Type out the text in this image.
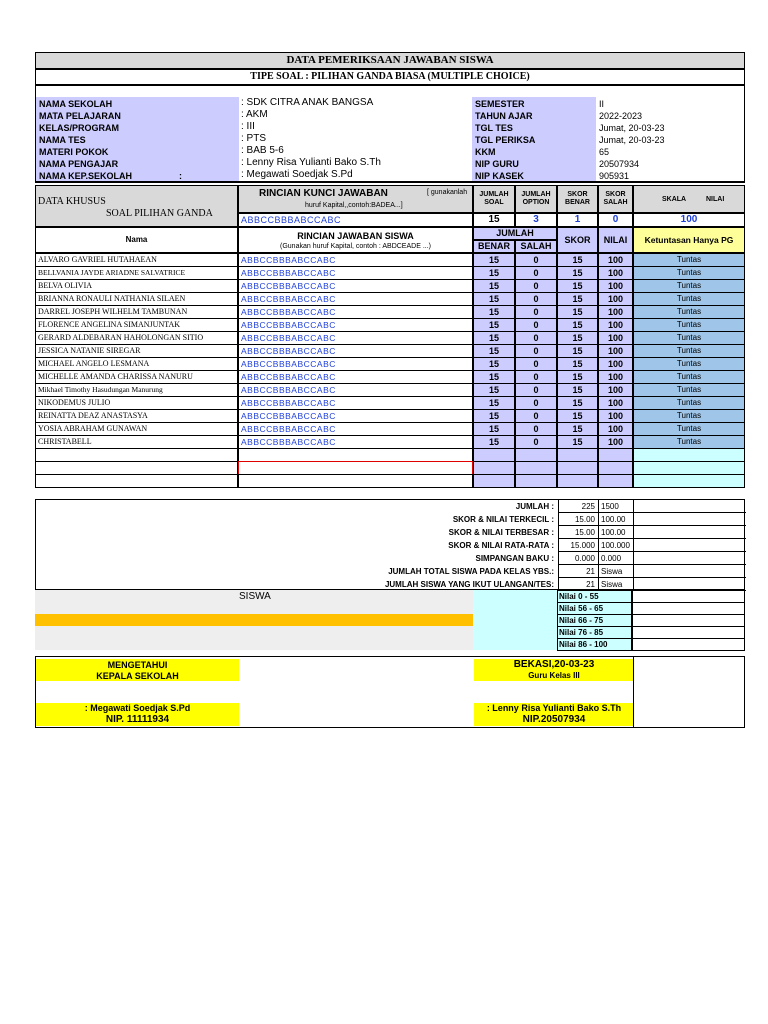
DATA PEMERIKSAAN JAWABAN SISWA
TIPE SOAL : PILIHAN GANDA BIASA (MULTIPLE CHOICE)
NAMA SEKOLAH	: SDK CITRA ANAK BANGSA
MATA PELAJARAN	: AKM
KELAS/PROGRAM	: III
NAMA TES	: PTS
MATERI POKOK	: BAB 5-6
NAMA PENGAJAR	: Lenny Risa Yulianti Bako S.Th
NAMA KEP.SEKOLAH	:	: Megawati Soedjak S.Pd
SEMESTER	II
TAHUN AJAR	2022-2023
TGL TES	Jumat, 20-03-23
TGL PERIKSA	Jumat, 20-03-23
KKM	65
NIP GURU	20507934
NIP KASEK	905931
DATA KHUSUS
SOAL PILIHAN GANDA
RINCIAN KUNCI JAWABAN	[ gunakanlah
huruf Kapital,,contoh:BADEA...]
ABBCCBBBABCCABC
JUMLAH SOAL
JUMLAH OPTION
SKOR BENAR
SKOR SALAH	SKALA	NILAI
15	3	1	0	100
Nama	RINCIAN JAWABAN SISWA
(Gunakan huruf Kapital, contoh : ABDCEADE ...)
JUMLAH
BENAR	SALAH
SKOR	NILAI	Ketuntasan Hanya PG
ALVARO GAVRIEL HUTAHAEAN	ABBCCBBBABCCABC	15	0	15	100	Tuntas
BELLVANIA JAYDE ARIADNE SALVATRICE	ABBCCBBBABCCABC	15	0	15	100	Tuntas
BELVA OLIVIA	ABBCCBBBABCCABC	15	0	15	100	Tuntas
BRIANNA RONAULI NATHANIA SILAEN	ABBCCBBBABCCABC	15	0	15	100	Tuntas
DARREL JOSEPH WILHELM TAMBUNAN	ABBCCBBBABCCABC	15	0	15	100	Tuntas
FLORENCE ANGELINA SIMANJUNTAK	ABBCCBBBABCCABC	15	0	15	100	Tuntas
GERARD ALDEBARAN HAHOLONGAN SITIO	ABBCCBBBABCCABC	15	0	15	100	Tuntas
JESSICA NATANIE SIREGAR	ABBCCBBBABCCABC	15	0	15	100	Tuntas
MICHAEL ANGELO LESMANA	ABBCCBBBABCCABC	15	0	15	100	Tuntas
MICHELLE AMANDA CHARISSA NANURU	ABBCCBBBABCCABC	15	0	15	100	Tuntas
Mikhael Timothy Hasudungan Manurung	ABBCCBBBABCCABC	15	0	15	100	Tuntas
NIKODEMUS JULIO	ABBCCBBBABCCABC	15	0	15	100	Tuntas
REINATTA DEAZ ANASTASYA	ABBCCBBBABCCABC	15	0	15	100	Tuntas
YOSIA ABRAHAM GUNAWAN	ABBCCBBBABCCABC	15	0	15	100	Tuntas
CHRISTABELL	ABBCCBBBABCCABC	15	0	15	100	Tuntas
JUMLAH :	225 1500
SKOR & NILAI TERKECIL :	15.00 100.00
SKOR & NILAI TERBESAR :	15.00 100.00
SKOR & NILAI RATA-RATA :	15.000 100.000
SIMPANGAN BAKU :	0.000 0.000
JUMLAH TOTAL SISWA PADA KELAS YBS.:	21 Siswa
JUMLAH SISWA YANG IKUT ULANGAN/TES:	21 Siswa
SISWA	Nilai 0 - 55
Nilai 56 - 65
Nilai 66 - 75
Nilai 76 - 85
Nilai 86 - 100
MENGETAHUI
KEPALA SEKOLAH
: Megawati Soedjak S.Pd
NIP. 11111934
BEKASI,20-03-23
Guru Kelas III
: Lenny Risa Yulianti Bako S.Th
NIP.20507934
